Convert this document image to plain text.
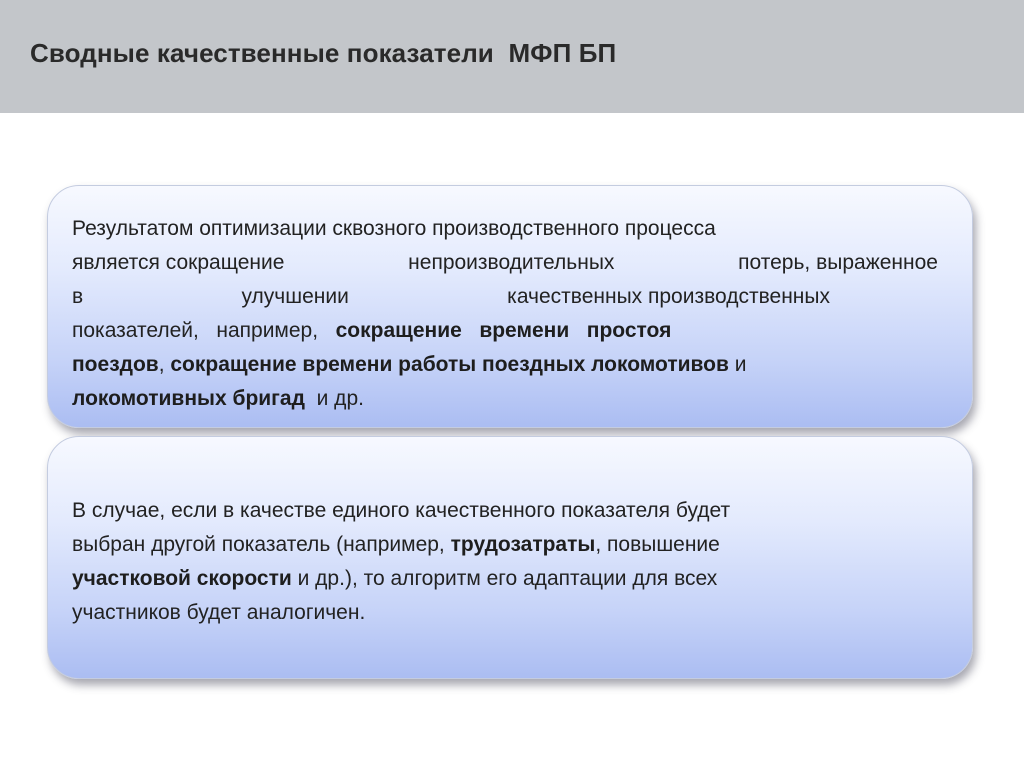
Сводные качественные показатели  МФП БП
Результатом оптимизации сквозного производственного процесса
является сокращение	непроизводительных	потерь, выраженное
в	улучшении	качественных производственных
показателей, например, сокращение времени простоя
поездов, сокращение времени работы поездных локомотивов и
локомотивных бригад  и др.
В случае, если в качестве единого качественного показателя будет
выбран другой показатель (например, трудозатраты, повышение
участковой скорости и др.), то алгоритм его адаптации для всех
участников будет аналогичен.
